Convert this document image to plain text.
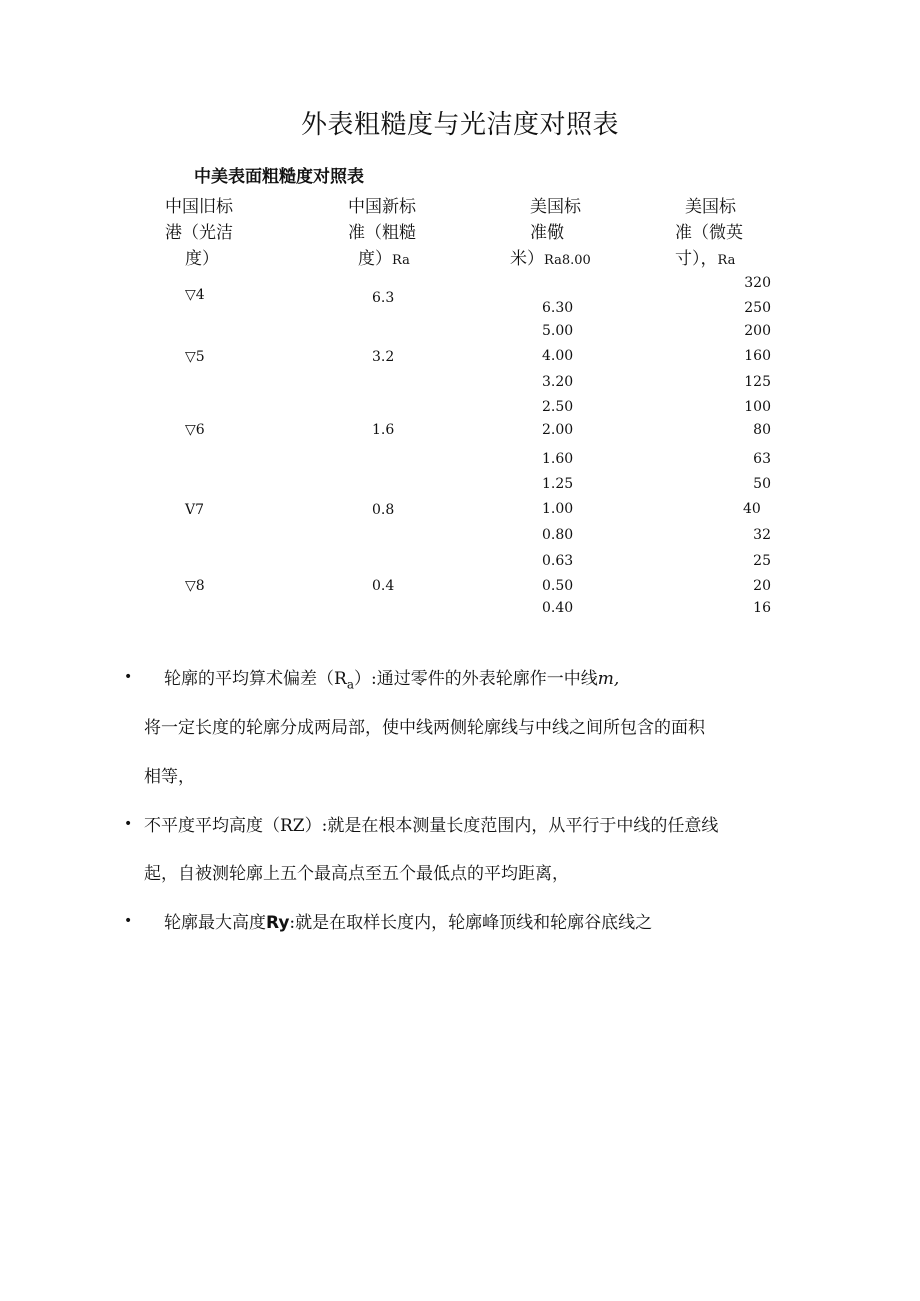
外表粗糙度与光洁度对照表
中美表面粗糙度对照表
中国旧标
港（光洁
度）
中国新标
准（粗糙
度）Ra
美国标
准儆
米）Ra8.00
美国标
准（微英
寸），Ra
▽4
▽5
▽6
V7
▽8
6.3
3.2
1.6
0.8
0.4
6.30
5.00
4.00
3.20
2.50
2.00
1.60
1.25
1.00
0.80
0.63
0.50
0.40
320
250
200
160
125
100
80
63
50
40
32
25
20
16
• 轮廓的平均算术偏差$(R_a)$:通过零件的外表轮廓作一中线m,
将一定长度的轮廓分成两局部，使中线两侧轮廓线与中线之间所包含的面积
相等，
• 不平度平均高度（RZ）:就是在根本测量长度范围内，从平行于中线的任意线
起，自被测轮廓上五个最高点至五个最低点的平均距离，
• 轮廓最大高度Ry:就是在取样长度内，轮廓峰顶线和轮廓谷底线之
